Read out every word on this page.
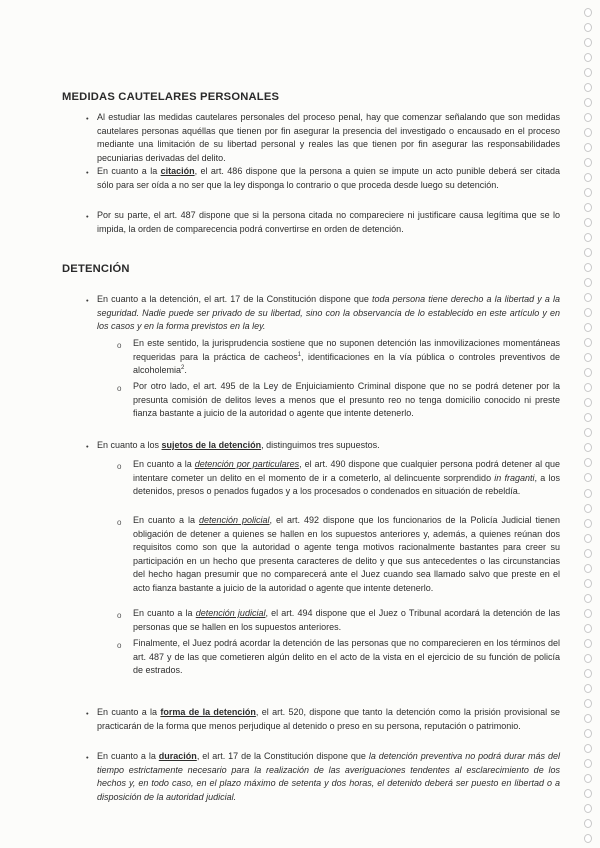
MEDIDAS CAUTELARES PERSONALES
• Al estudiar las medidas cautelares personales del proceso penal, hay que comenzar señalando que son medidas cautelares personas aquéllas que tienen por fin asegurar la presencia del investigado o encausado en el proceso mediante una limitación de su libertad personal y reales las que tienen por fin asegurar las responsabilidades pecuniarias derivadas del delito.
• En cuanto a la citación, el art. 486 dispone que la persona a quien se impute un acto punible deberá ser citada sólo para ser oída a no ser que la ley disponga lo contrario o que proceda desde luego su detención.
• Por su parte, el art. 487 dispone que si la persona citada no compareciere ni justificare causa legítima que se lo impida, la orden de comparecencia podrá convertirse en orden de detención.
DETENCIÓN
• En cuanto a la detención, el art. 17 de la Constitución dispone que toda persona tiene derecho a la libertad y a la seguridad. Nadie puede ser privado de su libertad, sino con la observancia de lo establecido en este artículo y en los casos y en la forma previstos en la ley.
o En este sentido, la jurisprudencia sostiene que no suponen detención las inmovilizaciones momentáneas requeridas para la práctica de cacheos$^1$, identificaciones en la vía pública o controles preventivos de alcoholemia$^2$.
o Por otro lado, el art. 495 de la Ley de Enjuiciamiento Criminal dispone que no se podrá detener por la presunta comisión de delitos leves a menos que el presunto reo no tenga domicilio conocido ni preste fianza bastante a juicio de la autoridad o agente que intente detenerlo.
• En cuanto a los sujetos de la detención, distinguimos tres supuestos.
o En cuanto a la detención por particulares, el art. 490 dispone que cualquier persona podrá detener al que intentare cometer un delito en el momento de ir a cometerlo, al delincuente sorprendido in fraganti, a los detenidos, presos o penados fugados y a los procesados o condenados en situación de rebeldía.
o En cuanto a la detención policial, el art. 492 dispone que los funcionarios de la Policía Judicial tienen obligación de detener a quienes se hallen en los supuestos anteriores y, además, a quienes reúnan dos requisitos como son que la autoridad o agente tenga motivos racionalmente bastantes para creer su participación en un hecho que presenta caracteres de delito y que sus antecedentes o las circunstancias del hecho hagan presumir que no comparecerá ante el Juez cuando sea llamado salvo que preste en el acto fianza bastante a juicio de la autoridad o agente que intente detenerlo.
o En cuanto a la detención judicial, el art. 494 dispone que el Juez o Tribunal acordará la detención de las personas que se hallen en los supuestos anteriores.
o Finalmente, el Juez podrá acordar la detención de las personas que no comparecieren en los términos del art. 487 y de las que cometieren algún delito en el acto de la vista en el ejercicio de su función de policía de estrados.
• En cuanto a la forma de la detención, el art. 520, dispone que tanto la detención como la prisión provisional se practicarán de la forma que menos perjudique al detenido o preso en su persona, reputación o patrimonio.
• En cuanto a la duración, el art. 17 de la Constitución dispone que la detención preventiva no podrá durar más del tiempo estrictamente necesario para la realización de las averiguaciones tendentes al esclarecimiento de los hechos y, en todo caso, en el plazo máximo de setenta y dos horas, el detenido deberá ser puesto en libertad o a disposición de la autoridad judicial.
